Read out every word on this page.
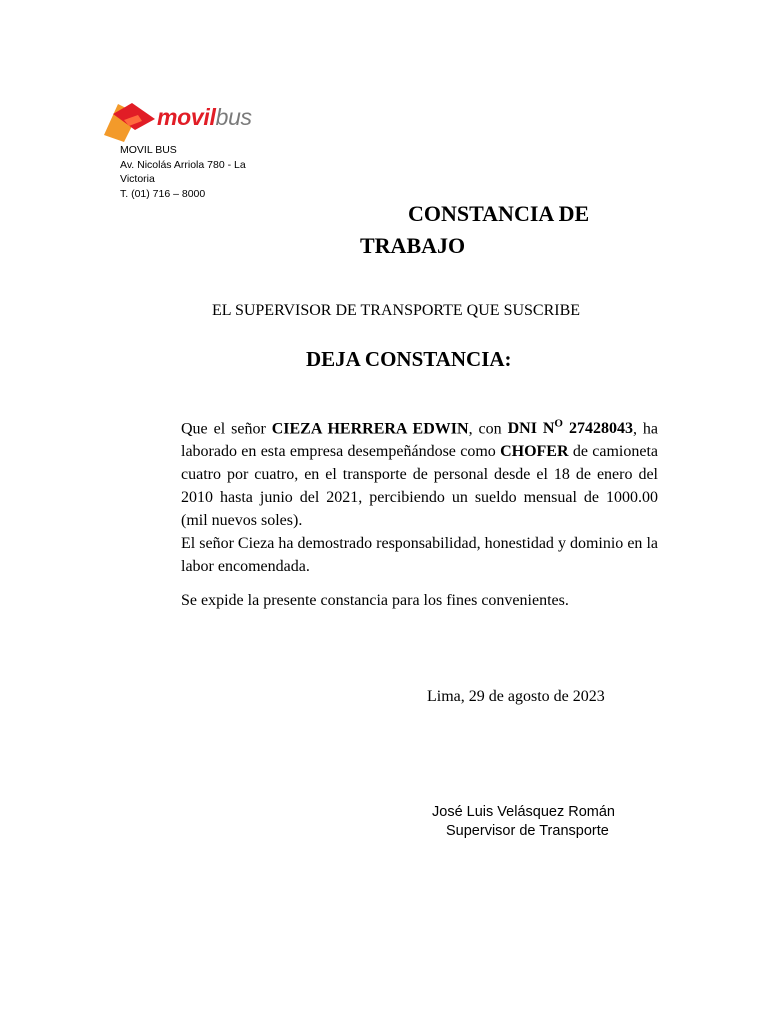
movilbus
MOVIL BUS
Av. Nicolás Arriola 780 - La Victoria
T. (01) 716 – 8000
CONSTANCIA DE
TRABAJO
EL SUPERVISOR DE TRANSPORTE QUE SUSCRIBE
DEJA CONSTANCIA:

Que el señor CIEZA HERRERA EDWIN, con DNI $N^O$ 27428043, ha laborado en esta empresa desempeñándose como CHOFER de camioneta cuatro por cuatro, en el transporte de personal desde el 18 de enero del 2010 hasta junio del 2021, percibiendo un sueldo mensual de 1000.00 (mil nuevos soles).

El señor Cieza ha demostrado responsabilidad, honestidad y dominio en la labor encomendada.

Se expide la presente constancia para los fines convenientes.
Lima, 29 de agosto de 2023
José Luis Velásquez Román
Supervisor de Transporte
